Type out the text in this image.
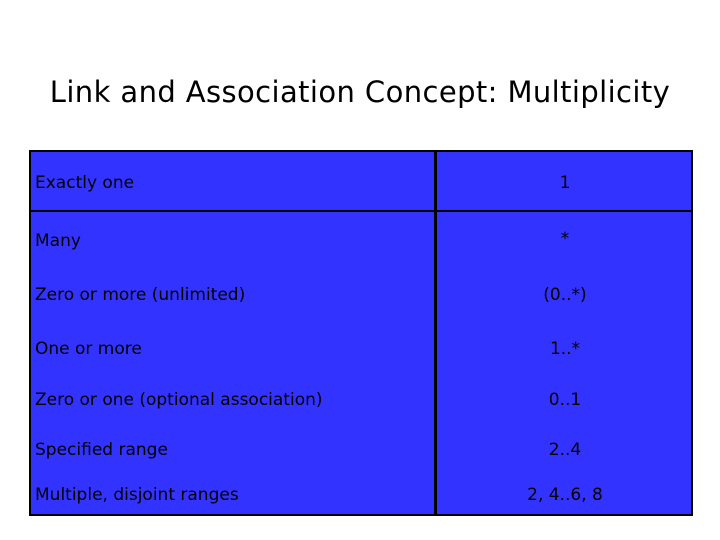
Link and Association Concept: Multiplicity
Exactly one	1
Many	*
Zero or more (unlimited)	(0..*)
One or more	1..*
Zero or one (optional association)	0..1
Specified range	2..4
Multiple, disjoint ranges	2, 4..6, 8
